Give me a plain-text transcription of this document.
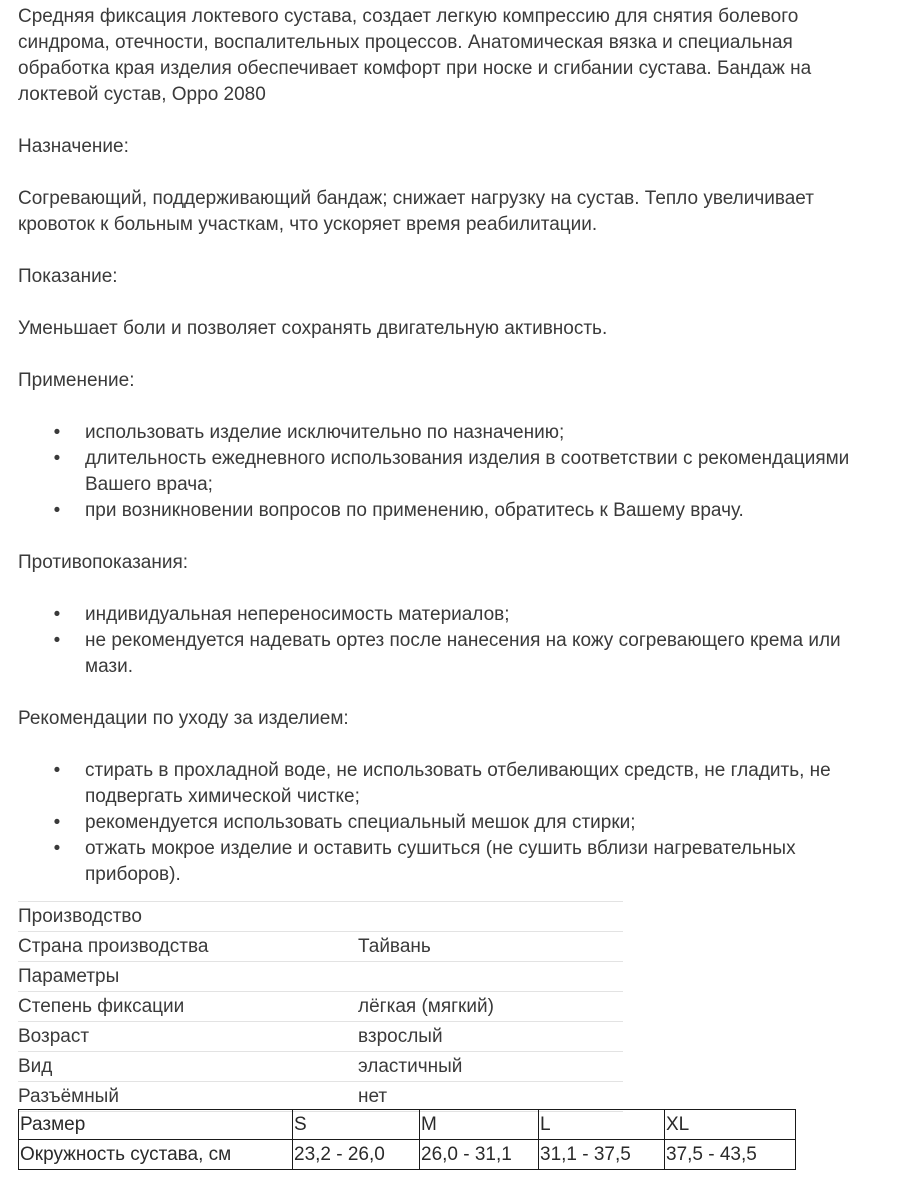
Средняя фиксация локтевого сустава, создает легкую компрессию для снятия болевого синдрома, отечности, воспалительных процессов. Анатомическая вязка и специальная обработка края изделия обеспечивает комфорт при носке и сгибании сустава. Бандаж на локтевой сустав, Oppo 2080

Назначение:

Согревающий, поддерживающий бандаж; снижает нагрузку на сустав. Тепло увеличивает кровоток к больным участкам, что ускоряет время реабилитации.

Показание:

Уменьшает боли и позволяет сохранять двигательную активность.

Применение:

• использовать изделие исключительно по назначению;
• длительность ежедневного использования изделия в соответствии с рекомендациями Вашего врача;
• при возникновении вопросов по применению, обратитесь к Вашему врачу.

Противопоказания:

• индивидуальная непереносимость материалов;
• не рекомендуется надевать ортез после нанесения на кожу согревающего крема или мази.

Рекомендации по уходу за изделием:

• стирать в прохладной воде, не использовать отбеливающих средств, не гладить, не подвергать химической чистке;
• рекомендуется использовать специальный мешок для стирки;
• отжать мокрое изделие и оставить сушиться (не сушить вблизи нагревательных приборов).
Производство	
Страна производства	Тайвань
Параметры	
Степень фиксации	лёгкая (мягкий)
Возраст	взрослый
Вид	эластичный
Разъёмный	нет
Размер	S	M	L	XL
Окружность сустава, см	23,2 - 26,0	26,0 - 31,1	31,1 - 37,5	37,5 - 43,5
